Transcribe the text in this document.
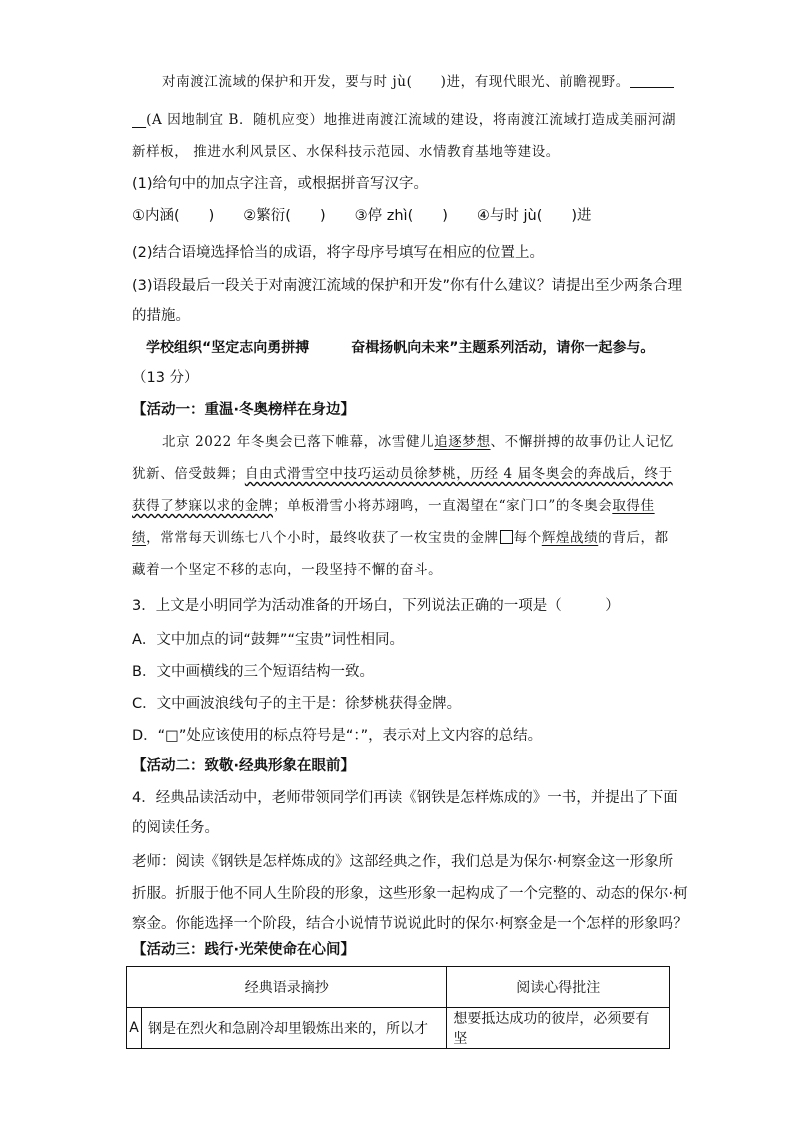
对南渡江流域的保护和开发，要与时 jù(　　)进，有现代眼光、前瞻视野。
 (A 因地制宜 B．随机应变）地推进南渡江流域的建设，将南渡江流域打造成美丽河湖
新样板， 推进水利风景区、水保科技示范园、水情教育基地等建设。
(1)给句中的加点字注音，或根据拼音写汉字。
①内涵(　　)　　②繁衍(　　)　　③停 zhì(　　)　　④与时 jù(　　)进
(2)结合语境选择恰当的成语，将字母序号填写在相应的位置上。
(3)语段最后一段关于对南渡江流域的保护和开发”你有什么建议？请提出至少两条合理
的措施。
学校组织“坚定志向勇拼搏　　　奋楫扬帆向未来”主题系列活动，请你一起参与。
（13 分）
【活动一：重温·冬奥榜样在身边】
北京 2022 年冬奥会已落下帷幕，冰雪健儿追逐梦想、不懈拼搏的故事仍让人记忆
犹新、倍受鼓舞；自由式滑雪空中技巧运动员徐梦桃，历经 4 届冬奥会的奔战后，终于
获得了梦寐以求的金牌；单板滑雪小将苏翊鸣，一直渴望在“家门口”的冬奥会取得佳
绩，常常每天训练七八个小时，最终收获了一枚宝贵的金牌 每个辉煌战绩的背后，都
藏着一个坚定不移的志向，一段坚持不懈的奋斗。
3．上文是小明同学为活动准备的开场白，下列说法正确的一项是（　　　）
A．文中加点的词“鼓舞”“宝贵”词性相同。
B．文中画横线的三个短语结构一致。
C．文中画波浪线句子的主干是：徐梦桃获得金牌。
D．“□”处应该使用的标点符号是“：”，表示对上文内容的总结。
【活动二：致敬·经典形象在眼前】
4．经典品读活动中，老师带领同学们再读《钢铁是怎样炼成的》一书，并提出了下面
的阅读任务。
老师：阅读《钢铁是怎样炼成的》这部经典之作，我们总是为保尔·柯察金这一形象所
折服。折服于他不同人生阶段的形象，这些形象一起构成了一个完整的、动态的保尔·柯
察金。你能选择一个阶段，结合小说情节说说此时的保尔·柯察金是一个怎样的形象吗？
【活动三：践行·光荣使命在心间】
经典语录摘抄		阅读心得批注
A	钢是在烈火和急剧冷却里锻炼出来的，所以才	想要抵达成功的彼岸，必须要有坚
